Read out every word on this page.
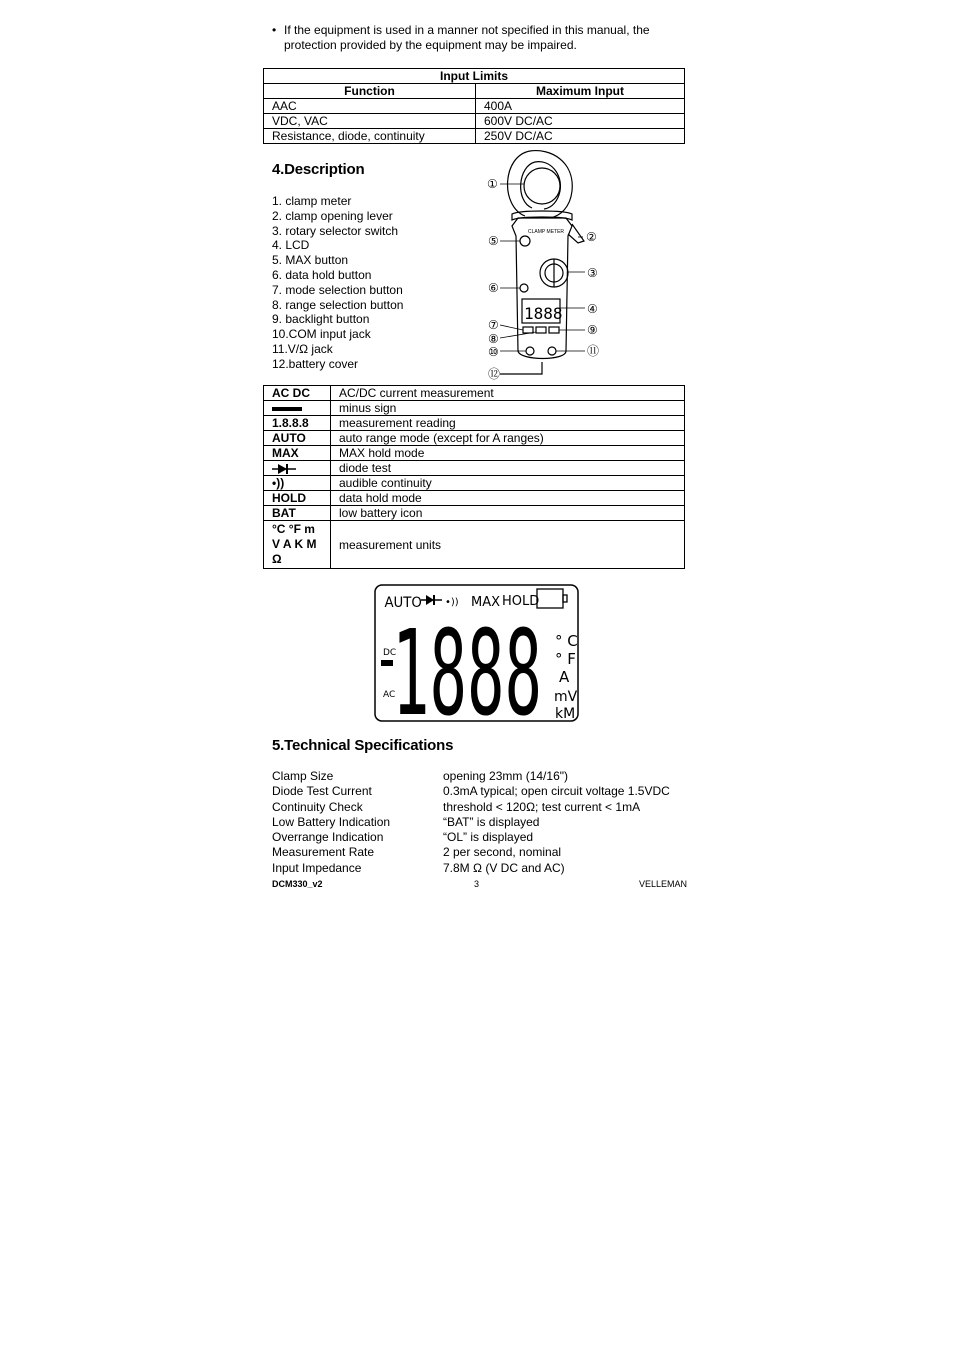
• If the equipment is used in a manner not specified in this manual, the protection provided by the equipment may be impaired.
Input Limits	
Function	Maximum Input
AAC	400A
VDC, VAC	600V DC/AC
Resistance, diode, continuity	250V DC/AC
4.Description
1. clamp meter
2. clamp opening lever
3. rotary selector switch
4. LCD
5. MAX button
6. data hold button
7. mode selection button
8. range selection button
9. backlight button
10.COM input jack
11.V/Ω jack
12.battery cover
CLAMP METER
1888
①
②
③
④
⑤
⑥
⑦
⑧
⑨
⑩	⑪
⑫
AC DC	AC/DC current measurement
	minus sign
1.8.8.8	measurement reading
AUTO	auto range mode (except for A ranges)
MAX	MAX hold mode
	diode test
•))	audible continuity
HOLD	data hold mode
BAT	low battery icon

°C °F m
V A K M
Ω	measurement units
AUTO •)) MAX HOLD
DC
AC
1888 ° C
° F
A
mV
kM
5.Technical Specifications
Clamp Size	opening 23mm (14/16")
Diode Test Current	0.3mA typical; open circuit voltage 1.5VDC
Continuity Check	threshold < 120Ω; test current < 1mA
Low Battery Indication	“BAT” is displayed
Overrange Indication	“OL” is displayed
Measurement Rate	2 per second, nominal
Input Impedance	7.8M Ω (V DC and AC)
DCM330_v2	3	VELLEMAN
